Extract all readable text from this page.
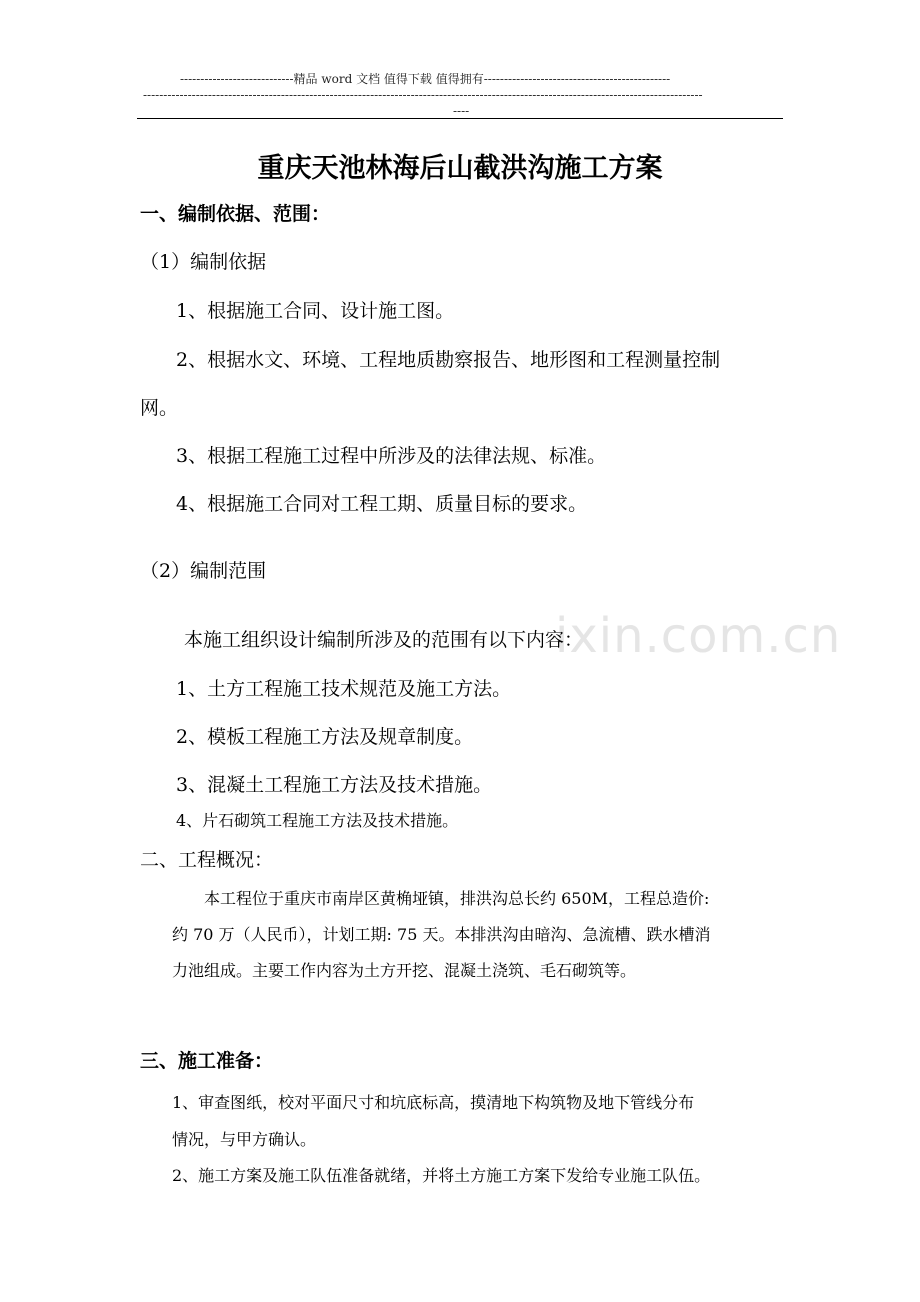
----------------------------精品 word 文档 值得下载 值得拥有----------------------------------------------
------------------------------------------------------------------------------------------------------------------------------------------
----
ixin.com.cn
重庆天池林海后山截洪沟施工方案
一、编制依据、范围：
（1）编制依据
1、根据施工合同、设计施工图。
2、根据水文、环境、工程地质勘察报告、地形图和工程测量控制
网。
3、根据工程施工过程中所涉及的法律法规、标准。
4、根据施工合同对工程工期、质量目标的要求。
（2）编制范围
本施工组织设计编制所涉及的范围有以下内容：
1、土方工程施工技术规范及施工方法。
2、模板工程施工方法及规章制度。
3、混凝土工程施工方法及技术措施。
4、片石砌筑工程施工方法及技术措施。
二、工程概况：
本工程位于重庆市南岸区黄桷垭镇，排洪沟总长约 650M，工程总造价:
约 70 万（人民币），计划工期: 75 天。本排洪沟由暗沟、急流槽、跌水槽消
力池组成。主要工作内容为土方开挖、混凝土浇筑、毛石砌筑等。
三、施工准备：
1、审查图纸，校对平面尺寸和坑底标高，摸清地下构筑物及地下管线分布
情况，与甲方确认。
2、施工方案及施工队伍准备就绪，并将土方施工方案下发给专业施工队伍。
